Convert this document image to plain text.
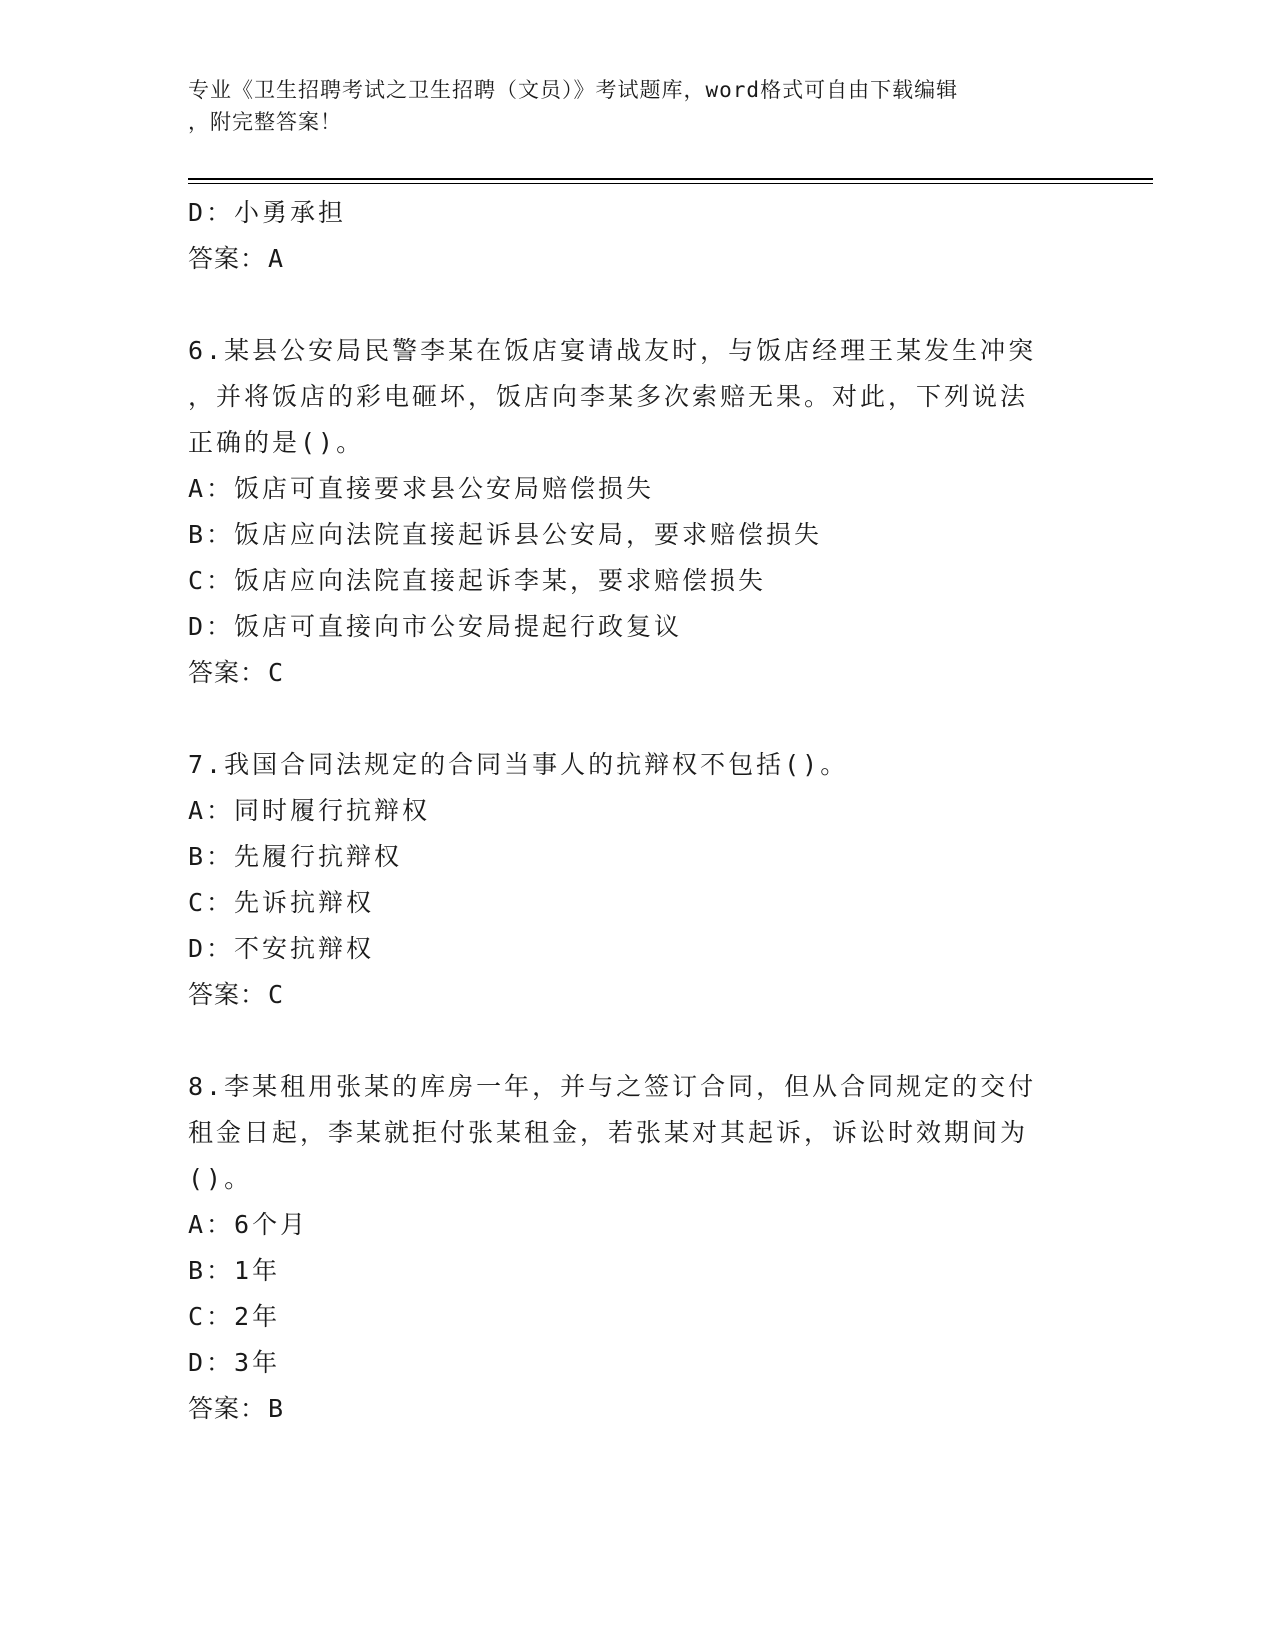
专业《卫生招聘考试之卫生招聘（文员）》考试题库，word格式可自由下载编辑
，附完整答案！
D：小勇承担
答案：A
6.某县公安局民警李某在饭店宴请战友时，与饭店经理王某发生冲突
，并将饭店的彩电砸坏，饭店向李某多次索赔无果。对此，下列说法
正确的是()。
A：饭店可直接要求县公安局赔偿损失
B：饭店应向法院直接起诉县公安局，要求赔偿损失
C：饭店应向法院直接起诉李某，要求赔偿损失
D：饭店可直接向市公安局提起行政复议
答案：C
7.我国合同法规定的合同当事人的抗辩权不包括()。
A：同时履行抗辩权
B：先履行抗辩权
C：先诉抗辩权
D：不安抗辩权
答案：C
8.李某租用张某的库房一年，并与之签订合同，但从合同规定的交付
租金日起，李某就拒付张某租金，若张某对其起诉，诉讼时效期间为
()。
A：6个月
B：1年
C：2年
D：3年
答案：B
